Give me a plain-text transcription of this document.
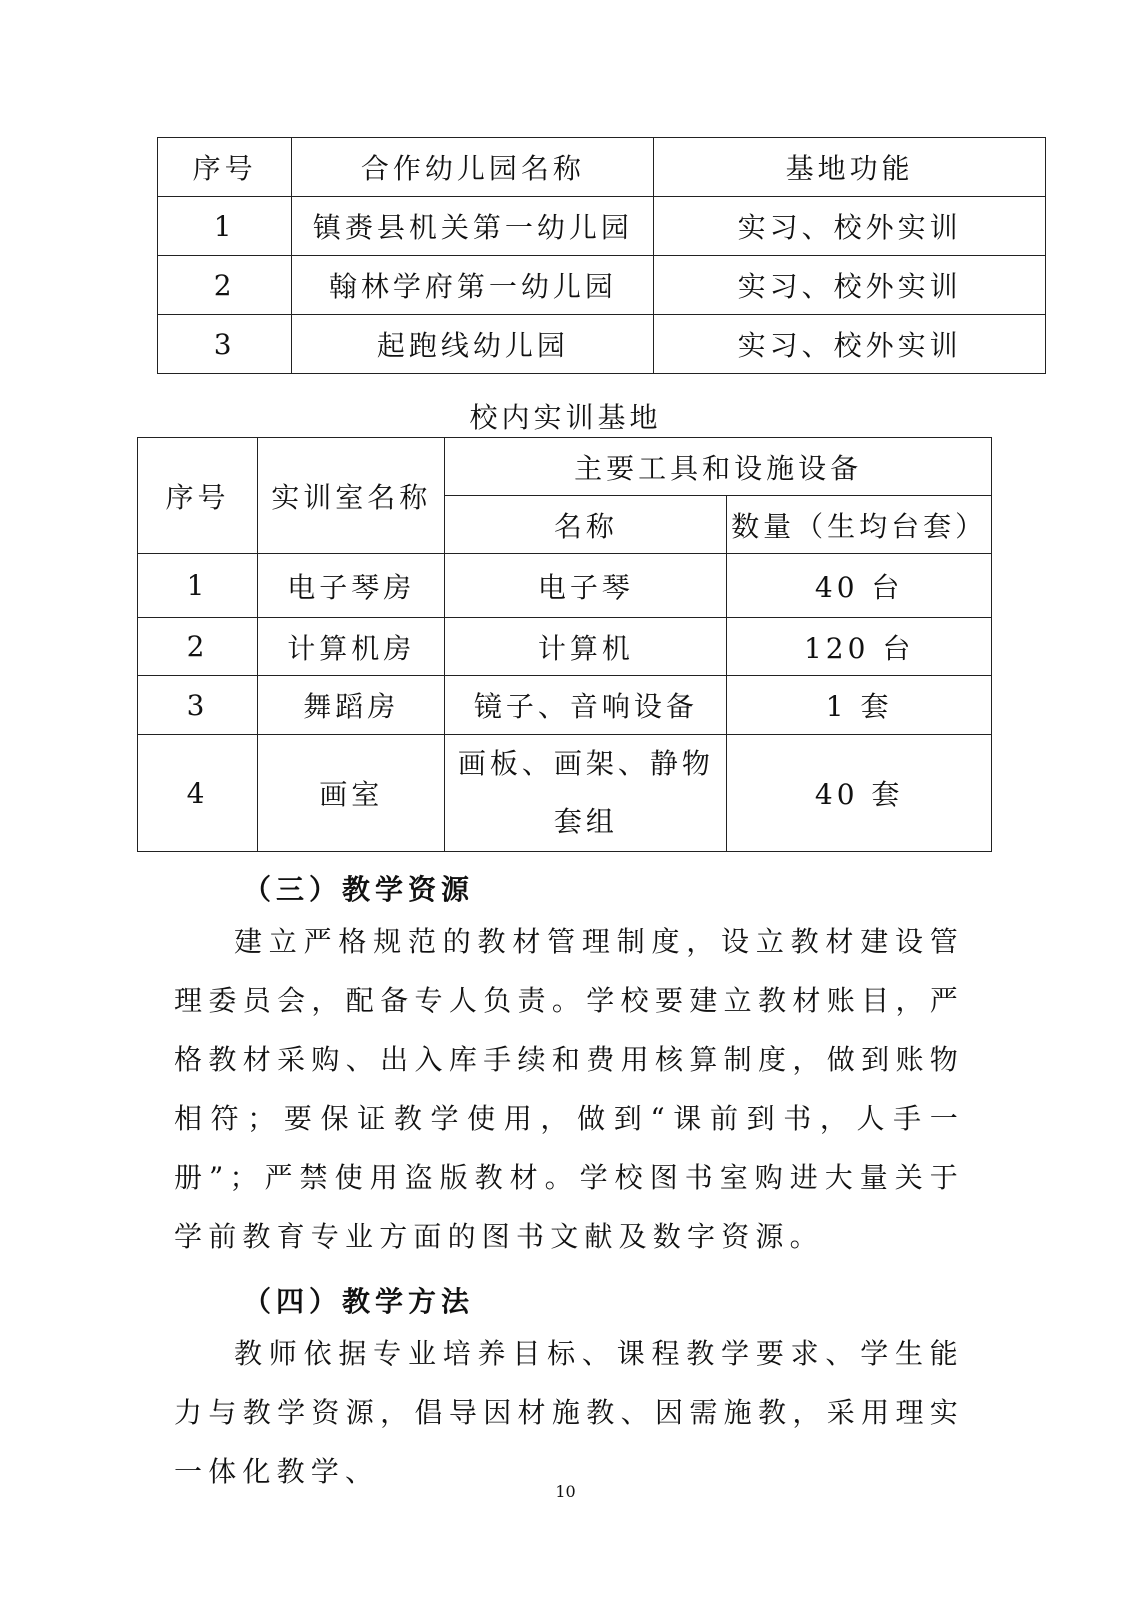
序号	合作幼儿园名称	基地功能
1	镇赉县机关第一幼儿园	实习、校外实训
2	翰林学府第一幼儿园	实习、校外实训
3	起跑线幼儿园	实习、校外实训
校内实训基地
序号	实训室名称	主要工具和设施设备	
		名称	数量（生均台套）
1	电子琴房	电子琴	40 台
2	计算机房	计算机	120 台
3	舞蹈房	镜子、音响设备	1 套
4	画室	画板、画架、静物套组	40 套
（三）教学资源

建立严格规范的教材管理制度，设立教材建设管理委员会，配备专人负责。学校要建立教材账目，严格教材采购、出入库手续和费用核算制度，做到账物相符；要保证教学使用，做到“课前到书，人手一册”；严禁使用盗版教材。学校图书室购进大量关于学前教育专业方面的图书文献及数字资源。

（四）教学方法

教师依据专业培养目标、课程教学要求、学生能力与教学资源，倡导因材施教、因需施教，采用理实一体化教学、

10
